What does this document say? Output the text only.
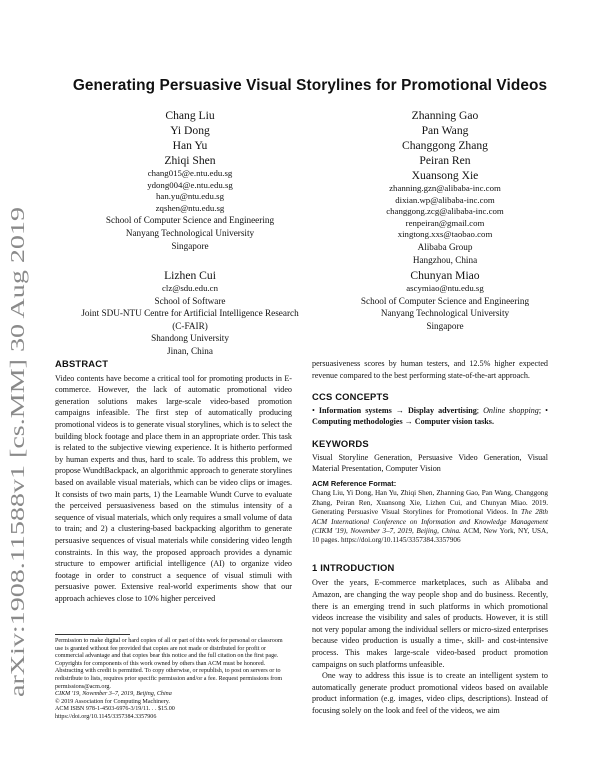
arXiv:1908.11588v1 [cs.MM] 30 Aug 2019
Generating Persuasive Visual Storylines for Promotional Videos
Chang Liu
Yi Dong
Han Yu
Zhiqi Shen
chang015@e.ntu.edu.sg
ydong004@e.ntu.edu.sg
han.yu@ntu.edu.sg
zqshen@ntu.edu.sg
School of Computer Science and Engineering
Nanyang Technological University
Singapore
Zhanning Gao
Pan Wang
Changgong Zhang
Peiran Ren
Xuansong Xie
zhanning.gzn@alibaba-inc.com
dixian.wp@alibaba-inc.com
changgong.zcg@alibaba-inc.com
renpeiran@gmail.com
xingtong.xxs@taobao.com
Alibaba Group
Hangzhou, China
Lizhen Cui
clz@sdu.edu.cn
School of Software
Joint SDU-NTU Centre for Artificial Intelligence Research
(C-FAIR)
Shandong University
Jinan, China
Chunyan Miao
ascymiao@ntu.edu.sg
School of Computer Science and Engineering
Nanyang Technological University
Singapore
ABSTRACT

Video contents have become a critical tool for promoting products in E-commerce. However, the lack of automatic promotional video generation solutions makes large-scale video-based promotion campaigns infeasible. The first step of automatically producing promotional videos is to generate visual storylines, which is to select the building block footage and place them in an appropriate order. This task is related to the subjective viewing experience. It is hitherto performed by human experts and thus, hard to scale. To address this problem, we propose WundtBackpack, an algorithmic approach to generate storylines based on available visual materials, which can be video clips or images. It consists of two main parts, 1) the Learnable Wundt Curve to evaluate the perceived persuasiveness based on the stimulus intensity of a sequence of visual materials, which only requires a small volume of data to train; and 2) a clustering-based backpacking algorithm to generate persuasive sequences of visual materials while considering video length constraints. In this way, the proposed approach provides a dynamic structure to empower artificial intelligence (AI) to organize video footage in order to construct a sequence of visual stimuli with persuasive power. Extensive real-world experiments show that our approach achieves close to 10% higher perceived

Permission to make digital or hard copies of all or part of this work for personal or classroom use is granted without fee provided that copies are not made or distributed for profit or commercial advantage and that copies bear this notice and the full citation on the first page. Copyrights for components of this work owned by others than ACM must be honored. Abstracting with credit is permitted. To copy otherwise, or republish, to post on servers or to redistribute to lists, requires prior specific permission and/or a fee. Request permissions from permissions@acm.org.

CIKM '19, November 3–7, 2019, Beijing, China

© 2019 Association for Computing Machinery.

ACM ISBN 978-1-4503-6976-3/19/11. . . $15.00

https://doi.org/10.1145/3357384.3357906

persuasiveness scores by human testers, and 12.5% higher expected revenue compared to the best performing state-of-the-art approach.

CCS CONCEPTS
• Information systems → Display advertising; Online shopping; • Computing methodologies → Computer vision tasks.
KEYWORDS

Visual Storyline Generation, Persuasive Video Generation, Visual Material Presentation, Computer Vision

ACM Reference Format:
Chang Liu, Yi Dong, Han Yu, Zhiqi Shen, Zhanning Gao, Pan Wang, Changgong Zhang, Peiran Ren, Xuansong Xie, Lizhen Cui, and Chunyan Miao. 2019. Generating Persuasive Visual Storylines for Promotional Videos. In The 28th ACM International Conference on Information and Knowledge Management (CIKM '19), November 3–7, 2019, Beijing, China. ACM, New York, NY, USA, 10 pages. https://doi.org/10.1145/3357384.3357906
1 INTRODUCTION

Over the years, E-commerce marketplaces, such as Alibaba and Amazon, are changing the way people shop and do business. Recently, there is an emerging trend in such platforms in which promotional videos increase the visibility and sales of products. However, it is still not very popular among the individual sellers or micro-sized enterprises because video production is usually a time-, skill- and cost-intensive process. This makes large-scale video-based product promotion campaigns on such platforms unfeasible.

One way to address this issue is to create an intelligent system to automatically generate product promotional videos based on available product information (e.g. images, video clips, descriptions). Instead of focusing solely on the look and feel of the videos, we aim
